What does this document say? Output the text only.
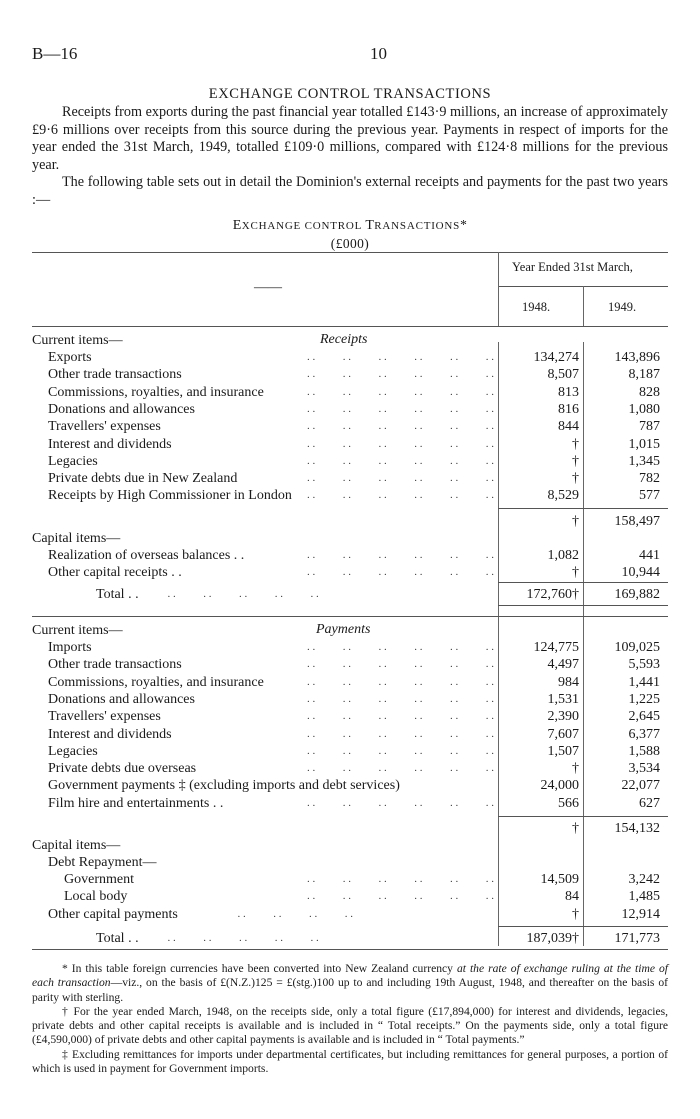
B—16	10
EXCHANGE CONTROL TRANSACTIONS

Receipts from exports during the past financial year totalled £143·9 millions, an increase of approximately £9·6 millions over receipts from this source during the previous year. Payments in respect of imports for the year ended the 31st March, 1949, totalled £109·0 millions, compared with £124·8 millions for the previous year.

The following table sets out in detail the Dominion's external receipts and payments for the past two years :—

EXCHANGE CONTROL TRANSACTIONS*
(£000)
Year Ended 31st March,
1948.	1949.
——
Current items—	Receipts
Exports	. .          . .          . .          . .          . .          . .	134,274	143,896
Other trade transactions	. .          . .          . .          . .          . .          . .	8,507	8,187
Commissions, royalties, and insurance	. .          . .          . .          . .          . .          . .	813	828
Donations and allowances	. .          . .          . .          . .          . .          . .	816	1,080
Travellers' expenses	. .          . .          . .          . .          . .          . .	844	787
Interest and dividends	. .          . .          . .          . .          . .          . .	†	1,015
Legacies	. .          . .          . .          . .          . .          . .	†	1,345
Private debts due in New Zealand	. .          . .          . .          . .          . .          . .	†	782
Receipts by High Commissioner in London . .          . .          . .          . .          . .          . .	8,529	577
†	158,497
Capital items—
Realization of overseas balances . .	. .          . .          . .          . .          . .          . .	1,082	441
Other capital receipts . .	. .          . .          . .          . .          . .          . .	†	10,944
Total . . . .          . .          . .          . .          . .	172,760†	169,882
Current items—	Payments
Imports	. .          . .          . .          . .          . .          . .	124,775	109,025
Other trade transactions	. .          . .          . .          . .          . .          . .	4,497	5,593
Commissions, royalties, and insurance	. .          . .          . .          . .          . .          . .	984	1,441
Donations and allowances	. .          . .          . .          . .          . .          . .	1,531	1,225
Travellers' expenses	. .          . .          . .          . .          . .          . .	2,390	2,645
Interest and dividends	. .          . .          . .          . .          . .          . .	7,607	6,377
Legacies	. .          . .          . .          . .          . .          . .	1,507	1,588
Private debts due overseas	. .          . .          . .          . .          . .          . .	†	3,534
Government payments ‡ (excluding imports and debt services)	24,000	22,077
Film hire and entertainments . .	. .          . .          . .          . .          . .          . .	566	627
†	154,132
Capital items—
Debt Repayment—
Government	. .          . .          . .          . .          . .          . .	14,509	3,242
Local body	. .          . .          . .          . .          . .          . .	84	1,485
Other capital payments	. .          . .          . .          . .	†	12,914
Total . . . .          . .          . .          . .          . .	187,039†	171,773

* In this table foreign currencies have been converted into New Zealand currency at the rate of exchange ruling at the time of each transaction—viz., on the basis of £(N.Z.)125 = £(stg.)100 up to and including 19th August, 1948, and thereafter on the basis of parity with sterling.

† For the year ended March, 1948, on the receipts side, only a total figure (£17,894,000) for interest and dividends, legacies, private debts and other capital receipts is available and is included in “ Total receipts.” On the payments side, only a total figure (£4,590,000) of private debts and other capital payments is available and is included in “ Total payments.”

‡ Excluding remittances for imports under departmental certificates, but including remittances for general purposes, a portion of which is used in payment for Government imports.
